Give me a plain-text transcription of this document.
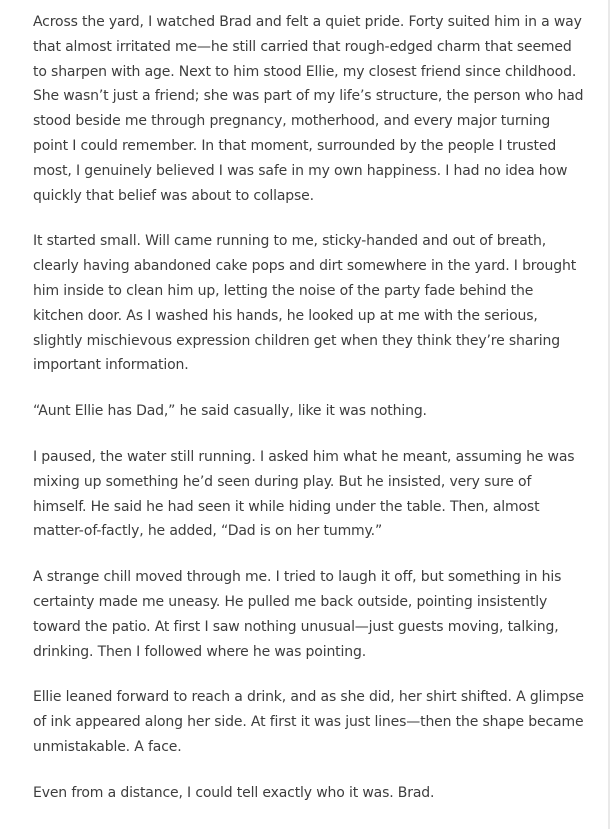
Across the yard, I watched Brad and felt a quiet pride. Forty suited him in a way that almost irritated me—he still carried that rough-edged charm that seemed to sharpen with age. Next to him stood Ellie, my closest friend since childhood. She wasn’t just a friend; she was part of my life’s structure, the person who had stood beside me through pregnancy, motherhood, and every major turning point I could remember. In that moment, surrounded by the people I trusted most, I genuinely believed I was safe in my own happiness. I had no idea how quickly that belief was about to collapse.

It started small. Will came running to me, sticky-handed and out of breath, clearly having abandoned cake pops and dirt somewhere in the yard. I brought him inside to clean him up, letting the noise of the party fade behind the kitchen door. As I washed his hands, he looked up at me with the serious, slightly mischievous expression children get when they think they’re sharing important information.

“Aunt Ellie has Dad,” he said casually, like it was nothing.

I paused, the water still running. I asked him what he meant, assuming he was mixing up something he’d seen during play. But he insisted, very sure of himself. He said he had seen it while hiding under the table. Then, almost matter-of-factly, he added, “Dad is on her tummy.”

A strange chill moved through me. I tried to laugh it off, but something in his certainty made me uneasy. He pulled me back outside, pointing insistently toward the patio. At first I saw nothing unusual—just guests moving, talking, drinking. Then I followed where he was pointing.

Ellie leaned forward to reach a drink, and as she did, her shirt shifted. A glimpse of ink appeared along her side. At first it was just lines—then the shape became unmistakable. A face.

Even from a distance, I could tell exactly who it was. Brad.
